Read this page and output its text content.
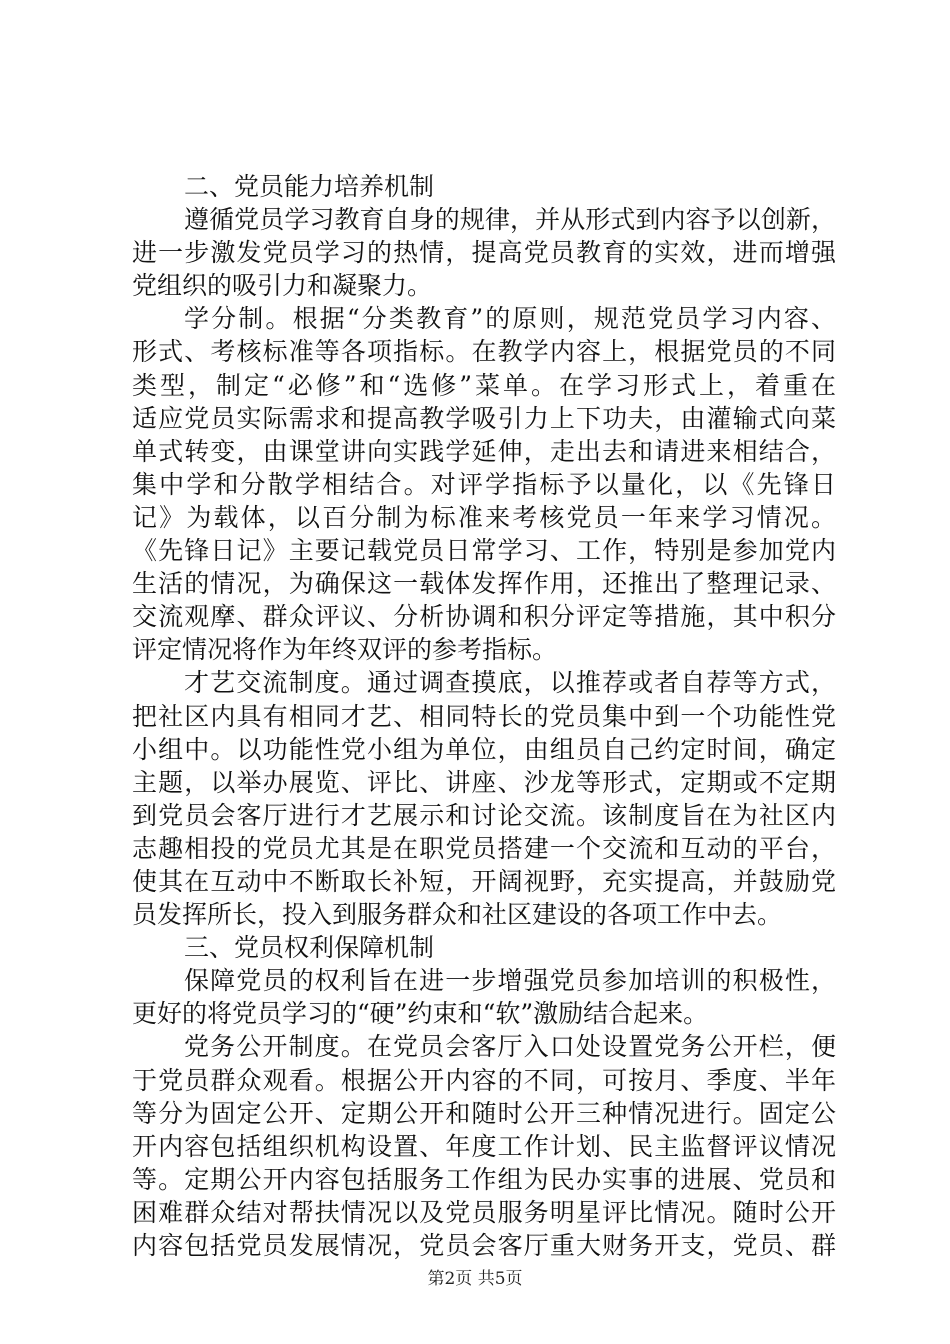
二、党员能力培养机制
遵循党员学习教育自身的规律，并从形式到内容予以创新，
进一步激发党员学习的热情，提高党员教育的实效，进而增强
党组织的吸引力和凝聚力。
学分制。根据“分类教育”的原则，规范党员学习内容、
形式、考核标准等各项指标。在教学内容上，根据党员的不同
类型，制定“必修”和“选修”菜单。在学习形式上，着重在
适应党员实际需求和提高教学吸引力上下功夫，由灌输式向菜
单式转变，由课堂讲向实践学延伸，走出去和请进来相结合，
集中学和分散学相结合。对评学指标予以量化，以《先锋日
记》为载体，以百分制为标准来考核党员一年来学习情况。
《先锋日记》主要记载党员日常学习、工作，特别是参加党内
生活的情况，为确保这一载体发挥作用，还推出了整理记录、
交流观摩、群众评议、分析协调和积分评定等措施，其中积分
评定情况将作为年终双评的参考指标。
才艺交流制度。通过调查摸底，以推荐或者自荐等方式，
把社区内具有相同才艺、相同特长的党员集中到一个功能性党
小组中。以功能性党小组为单位，由组员自己约定时间，确定
主题，以举办展览、评比、讲座、沙龙等形式，定期或不定期
到党员会客厅进行才艺展示和讨论交流。该制度旨在为社区内
志趣相投的党员尤其是在职党员搭建一个交流和互动的平台，
使其在互动中不断取长补短，开阔视野，充实提高，并鼓励党
员发挥所长，投入到服务群众和社区建设的各项工作中去。
三、党员权利保障机制
保障党员的权利旨在进一步增强党员参加培训的积极性，
更好的将党员学习的“硬”约束和“软”激励结合起来。
党务公开制度。在党员会客厅入口处设置党务公开栏，便
于党员群众观看。根据公开内容的不同，可按月、季度、半年
等分为固定公开、定期公开和随时公开三种情况进行。固定公
开内容包括组织机构设置、年度工作计划、民主监督评议情况
等。定期公开内容包括服务工作组为民办实事的进展、党员和
困难群众结对帮扶情况以及党员服务明星评比情况。随时公开
内容包括党员发展情况，党员会客厅重大财务开支，党员、群
第2页 共5页
